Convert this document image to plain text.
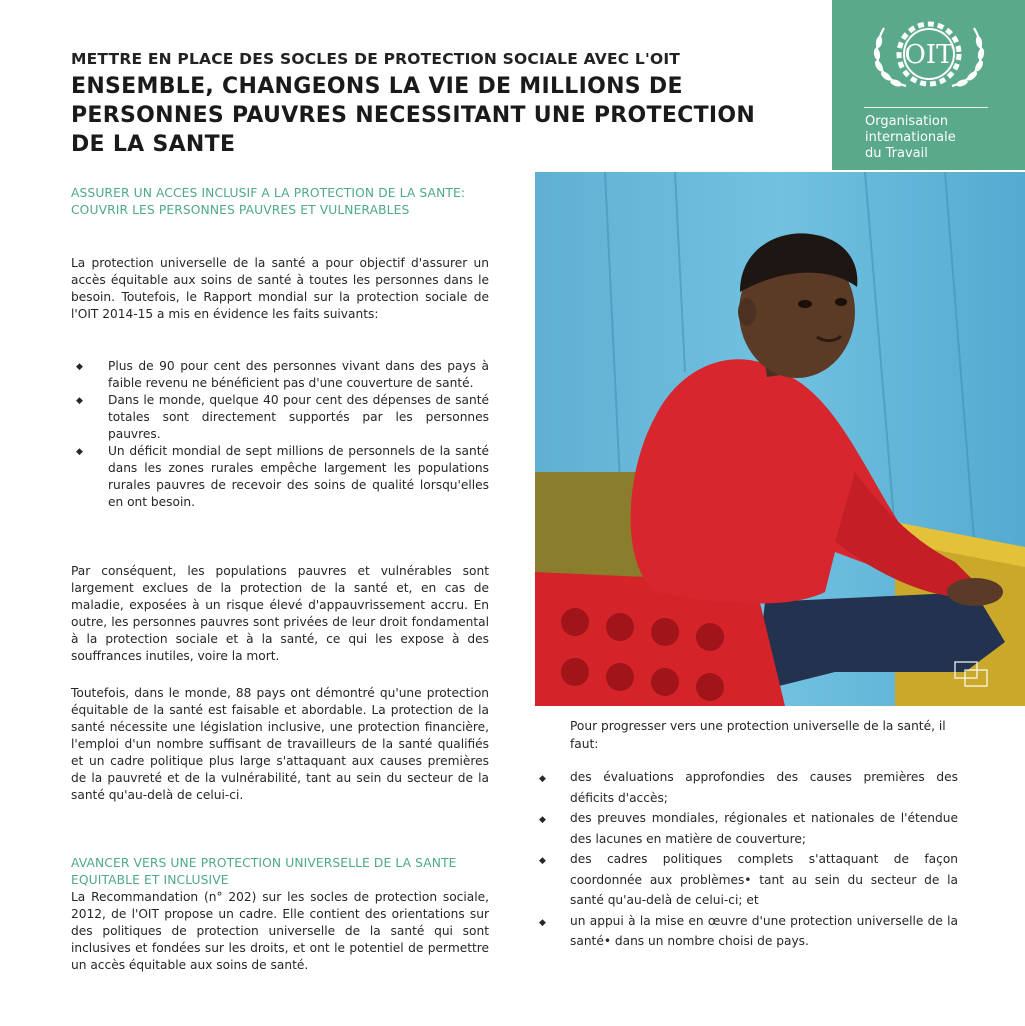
METTRE EN PLACE DES SOCLES DE PROTECTION SOCIALE AVEC L'OIT
ENSEMBLE, CHANGEONS LA VIE DE MILLIONS DE PERSONNES PAUVRES NECESSITANT UNE PROTECTION DE LA SANTE
OIT
Organisation
internationale
du Travail
ASSURER UN ACCES INCLUSIF A LA PROTECTION DE LA SANTE: COUVRIR LES PERSONNES PAUVRES ET VULNERABLES
La protection universelle de la santé a pour objectif d'assurer un accès équitable aux soins de santé à toutes les personnes dans le besoin. Toutefois, le Rapport mondial sur la protection sociale de l'OIT 2014-15 a mis en évidence les faits suivants:
◆ Plus de 90 pour cent des personnes vivant dans des pays à faible revenu ne bénéficient pas d'une couverture de santé.
◆ Dans le monde, quelque 40 pour cent des dépenses de santé totales sont directement supportés par les personnes pauvres.
◆ Un déficit mondial de sept millions de personnels de la santé dans les zones rurales empêche largement les populations rurales pauvres de recevoir des soins de qualité lorsqu'elles en ont besoin.
Par conséquent, les populations pauvres et vulnérables sont largement exclues de la protection de la santé et, en cas de maladie, exposées à un risque élevé d'appauvrissement accru. En outre, les personnes pauvres sont privées de leur droit fondamental à la protection sociale et à la santé, ce qui les expose à des souffrances inutiles, voire la mort.
Toutefois, dans le monde, 88 pays ont démontré qu'une protection équitable de la santé est faisable et abordable. La protection de la santé nécessite une législation inclusive, une protection financière, l'emploi d'un nombre suffisant de travailleurs de la santé qualifiés et un cadre politique plus large s'attaquant aux causes premières de la pauvreté et de la vulnérabilité, tant au sein du secteur de la santé qu'au-delà de celui-ci.
AVANCER VERS UNE PROTECTION UNIVERSELLE DE LA SANTE EQUITABLE ET INCLUSIVE
La Recommandation (n° 202) sur les socles de protection sociale, 2012, de l'OIT propose un cadre. Elle contient des orientations sur des politiques de protection universelle de la santé qui sont inclusives et fondées sur les droits, et ont le potentiel de permettre un accès équitable aux soins de santé.
Pour progresser vers une protection universelle de la santé, il faut:
◆ des évaluations approfondies des causes premières des déficits d'accès;
◆ des preuves mondiales, régionales et nationales de l'étendue des lacunes en matière de couverture;
◆ des cadres politiques complets s'attaquant de façon coordonnée aux problèmes• tant au sein du secteur de la santé qu'au-delà de celui-ci; et
◆ un appui à la mise en œuvre d'une protection universelle de la santé• dans un nombre choisi de pays.
